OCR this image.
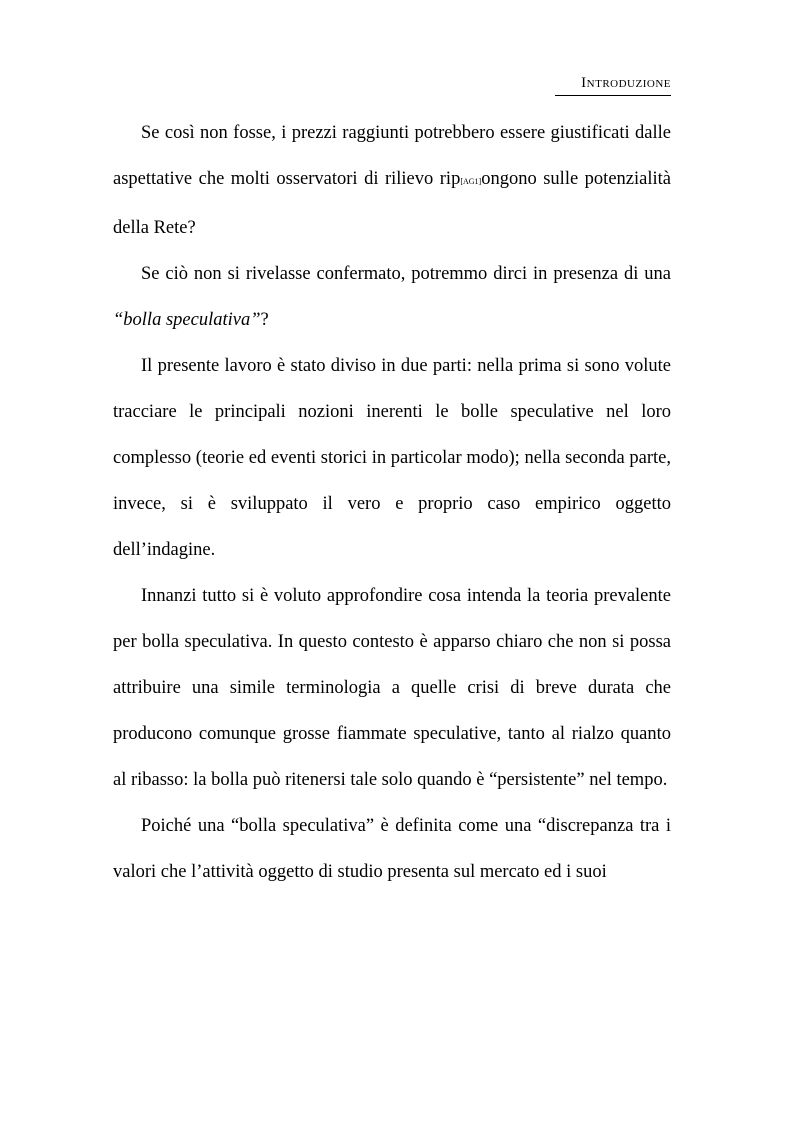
Introduzione

Se così non fosse, i prezzi raggiunti potrebbero essere giustificati dalle aspettative che molti osservatori di rilievo rip[AG1]ongono sulle potenzialità della Rete?

Se ciò non si rivelasse confermato, potremmo dirci in presenza di una “bolla speculativa”?

Il presente lavoro è stato diviso in due parti: nella prima si sono volute tracciare le principali nozioni inerenti le bolle speculative nel loro complesso (teorie ed eventi storici in particolar modo); nella seconda parte, invece, si è sviluppato il vero e proprio caso empirico oggetto dell’indagine.

Innanzi tutto si è voluto approfondire cosa intenda la teoria prevalente per bolla speculativa. In questo contesto è apparso chiaro che non si possa attribuire una simile terminologia a quelle crisi di breve durata che producono comunque grosse fiammate speculative, tanto al rialzo quanto al ribasso: la bolla può ritenersi tale solo quando è “persistente” nel tempo.

Poiché una “bolla speculativa” è definita come una “discrepanza tra i valori che l’attività oggetto di studio presenta sul mercato ed i suoi
